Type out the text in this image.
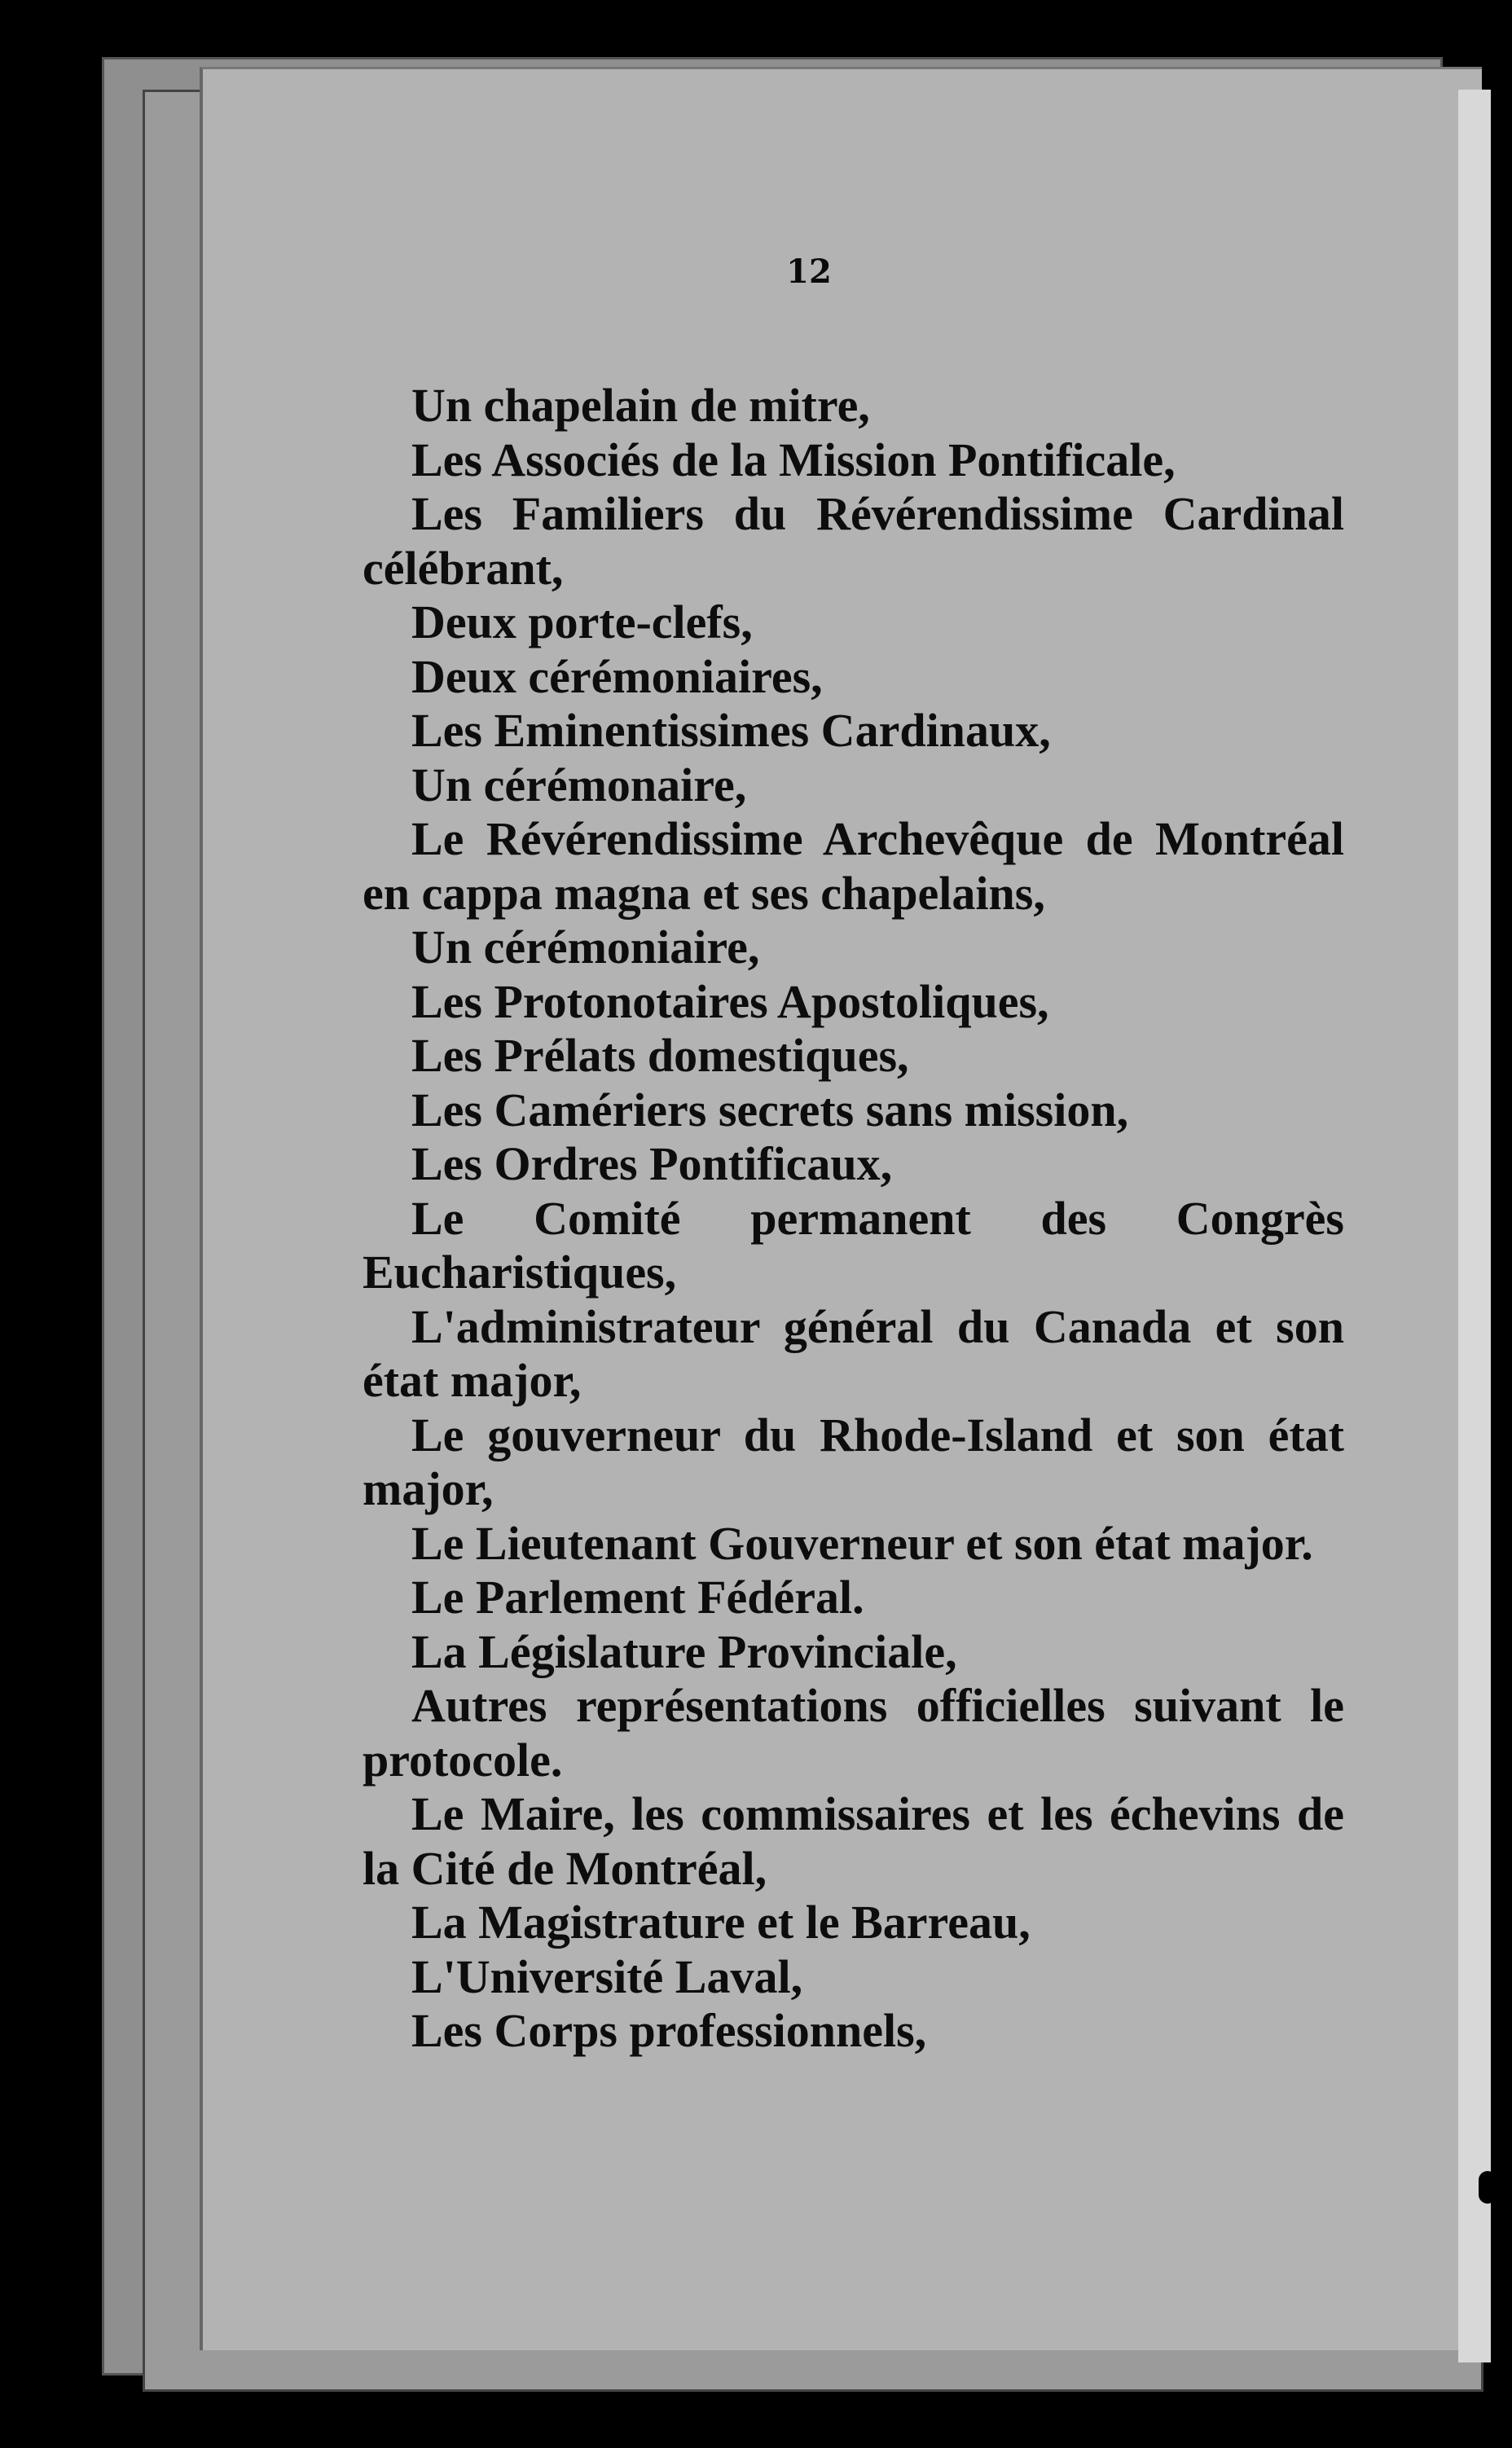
12

Un chapelain de mitre,

Les Associés de la Mission Pontificale,

Les Familiers du Révérendissime Cardinal célébrant,

Deux porte-clefs,

Deux cérémoniaires,

Les Eminentissimes Cardinaux,

Un cérémonaire,

Le Révérendissime Archevêque de Montréal en cappa magna et ses chapelains,

Un cérémoniaire,

Les Protonotaires Apostoliques,

Les Prélats domestiques,

Les Camériers secrets sans mission,

Les Ordres Pontificaux,

Le Comité permanent des Congrès Eucharistiques,

L'administrateur général du Canada et son état major,

Le gouverneur du Rhode-Island et son état major,

Le Lieutenant Gouverneur et son état major.

Le Parlement Fédéral.

La Législature Provinciale,

Autres représentations officielles suivant le protocole.

Le Maire, les commissaires et les échevins de la Cité de Montréal,

La Magistrature et le Barreau,

L'Université Laval,

Les Corps professionnels,
